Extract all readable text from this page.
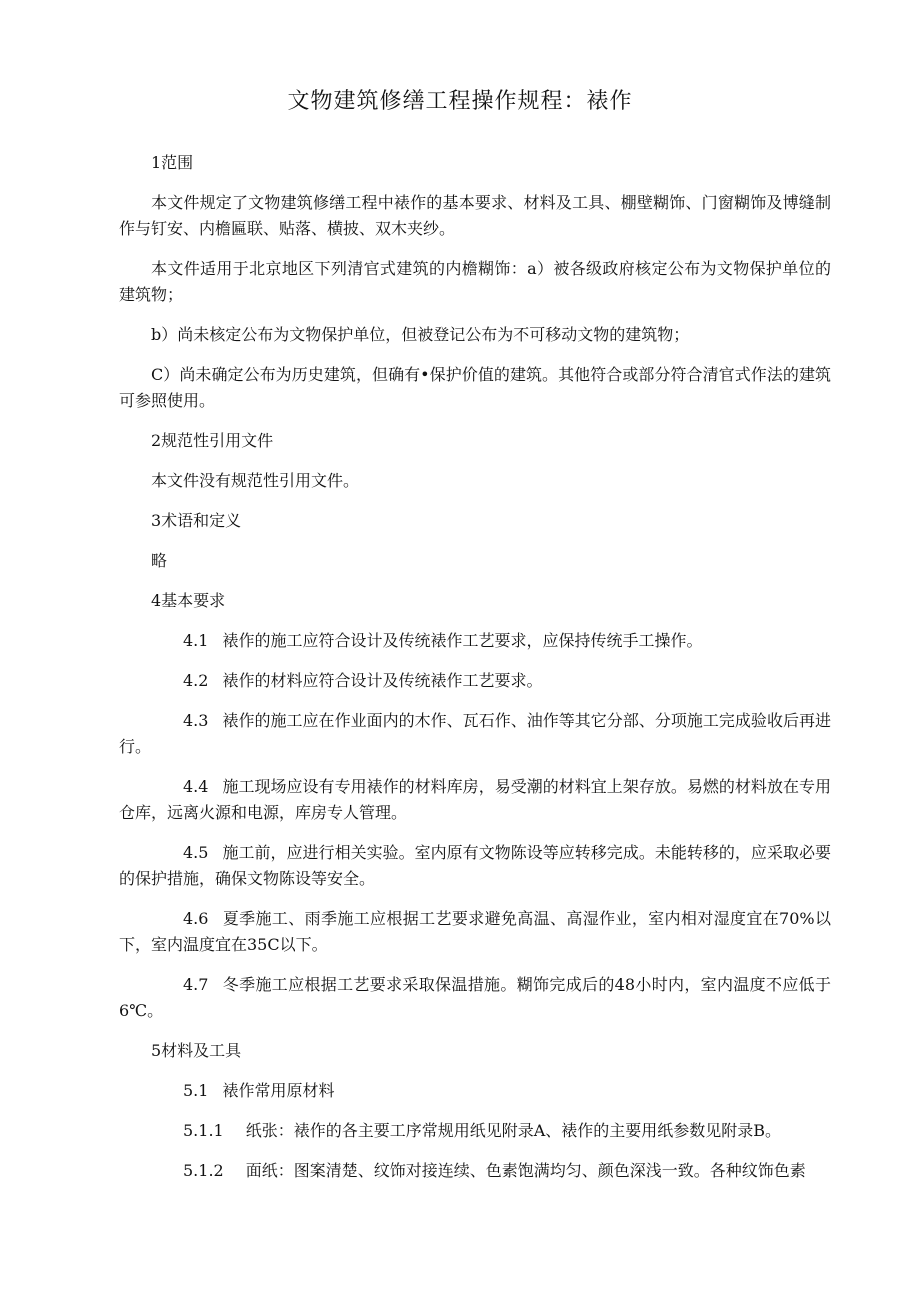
文物建筑修缮工程操作规程：裱作

1范围

本文件规定了文物建筑修缮工程中裱作的基本要求、材料及工具、棚壁糊饰、门窗糊饰及博缝制作与钉安、内檐匾联、贴落、横披、双木夹纱。

本文件适用于北京地区下列清官式建筑的内檐糊饰：a）被各级政府核定公布为文物保护单位的建筑物；

b）尚未核定公布为文物保护单位，但被登记公布为不可移动文物的建筑物；

C）尚未确定公布为历史建筑，但确有•保护价值的建筑。其他符合或部分符合清官式作法的建筑可参照使用。

2规范性引用文件

本文件没有规范性引用文件。

3术语和定义

略

4基本要求

4.1 裱作的施工应符合设计及传统裱作工艺要求，应保持传统手工操作。

4.2 裱作的材料应符合设计及传统裱作工艺要求。

4.3 裱作的施工应在作业面内的木作、瓦石作、油作等其它分部、分项施工完成验收后再进行。

4.4 施工现场应设有专用裱作的材料库房，易受潮的材料宜上架存放。易燃的材料放在专用仓库，远离火源和电源，库房专人管理。

4.5 施工前，应进行相关实验。室内原有文物陈设等应转移完成。未能转移的，应采取必要的保护措施，确保文物陈设等安全。

4.6 夏季施工、雨季施工应根据工艺要求避免高温、高湿作业，室内相对湿度宜在70%以下，室内温度宜在35C以下。

4.7 冬季施工应根据工艺要求采取保温措施。糊饰完成后的48小时内，室内温度不应低于6℃。

5材料及工具

5.1 裱作常用原材料

5.1.1 纸张：裱作的各主要工序常规用纸见附录A、裱作的主要用纸参数见附录B。

5.1.2 面纸：图案清楚、纹饰对接连续、色素饱满均匀、颜色深浅一致。各种纹饰色素
